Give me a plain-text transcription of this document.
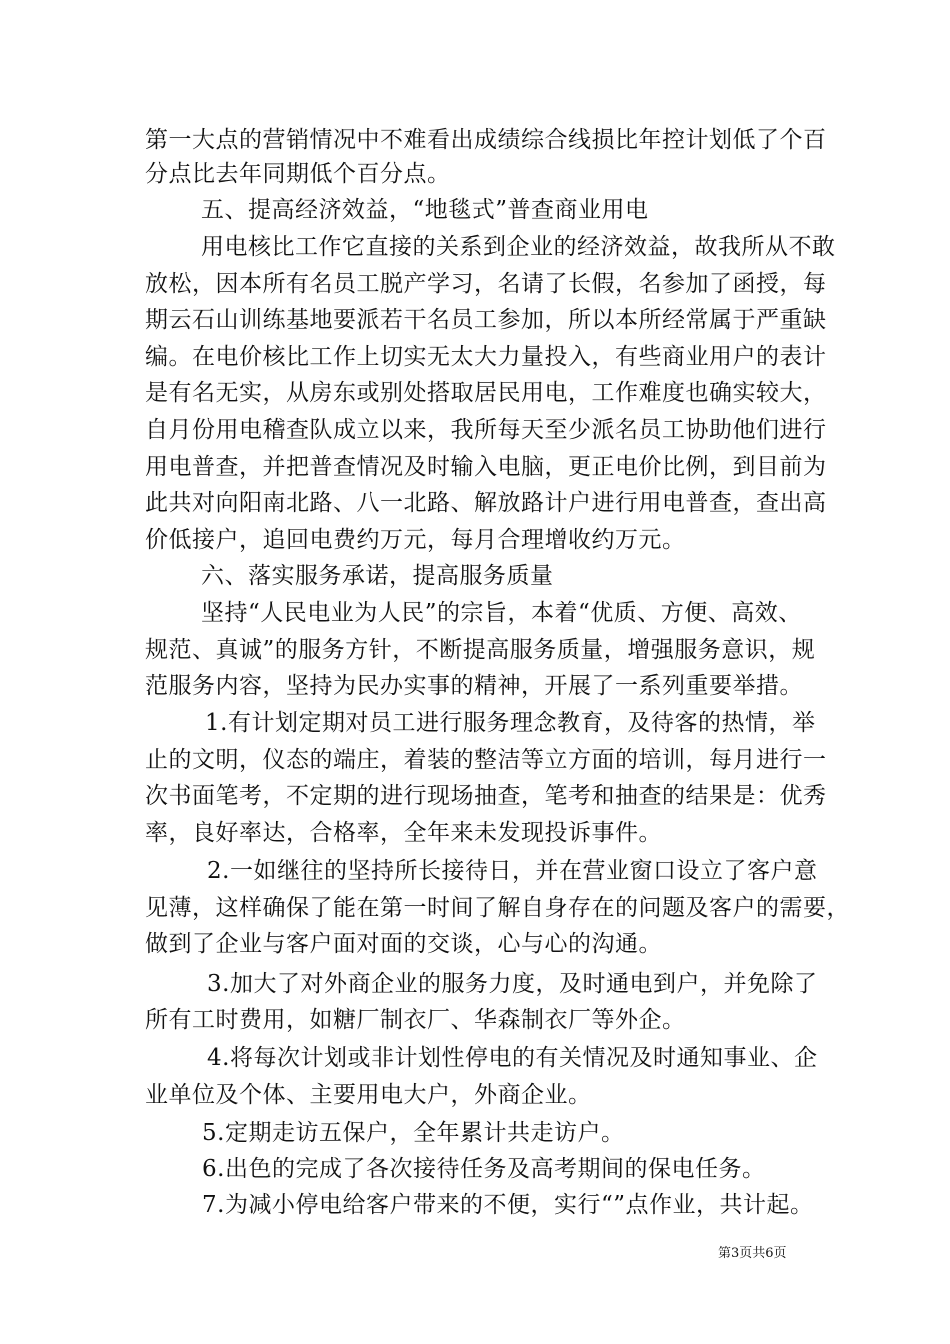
第一大点的营销情况中不难看出成绩综合线损比年控计划低了个百
分点比去年同期低个百分点。
五、提高经济效益，“地毯式”普查商业用电
用电核比工作它直接的关系到企业的经济效益，故我所从不敢
放松，因本所有名员工脱产学习，名请了长假，名参加了函授，每
期云石山训练基地要派若干名员工参加，所以本所经常属于严重缺
编。在电价核比工作上切实无太大力量投入，有些商业用户的表计
是有名无实，从房东或别处搭取居民用电，工作难度也确实较大，
自月份用电稽查队成立以来，我所每天至少派名员工协助他们进行
用电普查，并把普查情况及时输入电脑，更正电价比例，到目前为
此共对向阳南北路、八一北路、解放路计户进行用电普查，查出高
价低接户，追回电费约万元，每月合理增收约万元。
六、落实服务承诺，提高服务质量
坚持“人民电业为人民”的宗旨，本着“优质、方便、高效、
规范、真诚”的服务方针，不断提高服务质量，增强服务意识，规
范服务内容，坚持为民办实事的精神，开展了一系列重要举措。
1.有计划定期对员工进行服务理念教育，及待客的热情，举
止的文明，仪态的端庄，着装的整洁等立方面的培训，每月进行一
次书面笔考，不定期的进行现场抽查，笔考和抽查的结果是：优秀
率，良好率达，合格率，全年来未发现投诉事件。
2.一如继往的坚持所长接待日，并在营业窗口设立了客户意
见薄，这样确保了能在第一时间了解自身存在的问题及客户的需要，
做到了企业与客户面对面的交谈，心与心的沟通。
3.加大了对外商企业的服务力度，及时通电到户，并免除了
所有工时费用，如糖厂制衣厂、华森制衣厂等外企。
4.将每次计划或非计划性停电的有关情况及时通知事业、企
业单位及个体、主要用电大户，外商企业。
5.定期走访五保户，全年累计共走访户。
6.出色的完成了各次接待任务及高考期间的保电任务。
7.为减小停电给客户带来的不便，实行“”点作业，共计起。
第3页共6页
